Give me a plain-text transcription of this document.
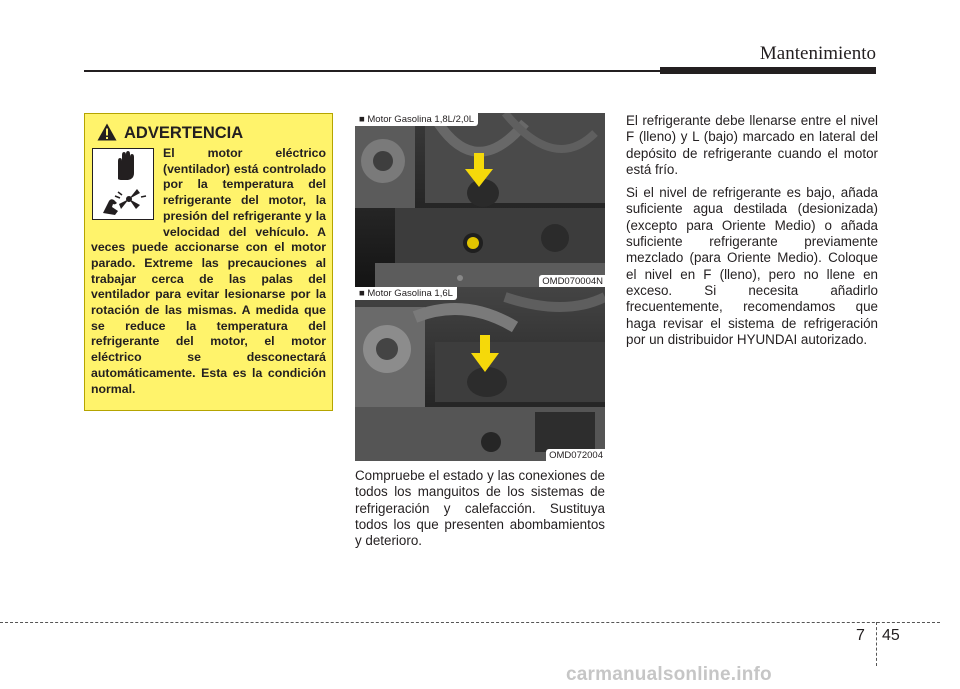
Mantenimiento
ADVERTENCIA
El motor eléctrico (ventilador) está controlado por la temperatura del refrigerante del motor, la presión del refrigerante y la velocidad del vehículo. A veces puede accionarse con el motor parado. Extreme las precauciones al trabajar cerca de las palas del ventilador para evitar lesionarse por la rotación de las mismas. A medida que se reduce la temperatura del refrigerante del motor, el motor eléctrico se desconectará automáticamente. Esta es la condición normal.
■ Motor Gasolina 1,8L/2,0L
OMD070004N
■ Motor Gasolina 1,6L
OMD072004
Compruebe el estado y las conexiones de todos los manguitos de los sistemas de refrigeración y calefacción. Sustituya todos los que presenten abombamientos y deterioro.

El refrigerante debe llenarse entre el nivel F (lleno) y L (bajo) marcado en lateral del depósito de refrigerante cuando el motor está frío.

Si el nivel de refrigerante es bajo, añada suficiente agua destilada (desionizada) (excepto para Oriente Medio) o añada suficiente refrigerante previamente mezclado (para Oriente Medio). Coloque el nivel en F (lleno), pero no llene en exceso. Si necesita añadirlo frecuentemente, recomendamos que haga revisar el sistema de refrigeración por un distribuidor HYUNDAI autorizado.

7 45
carmanualsonline.info
